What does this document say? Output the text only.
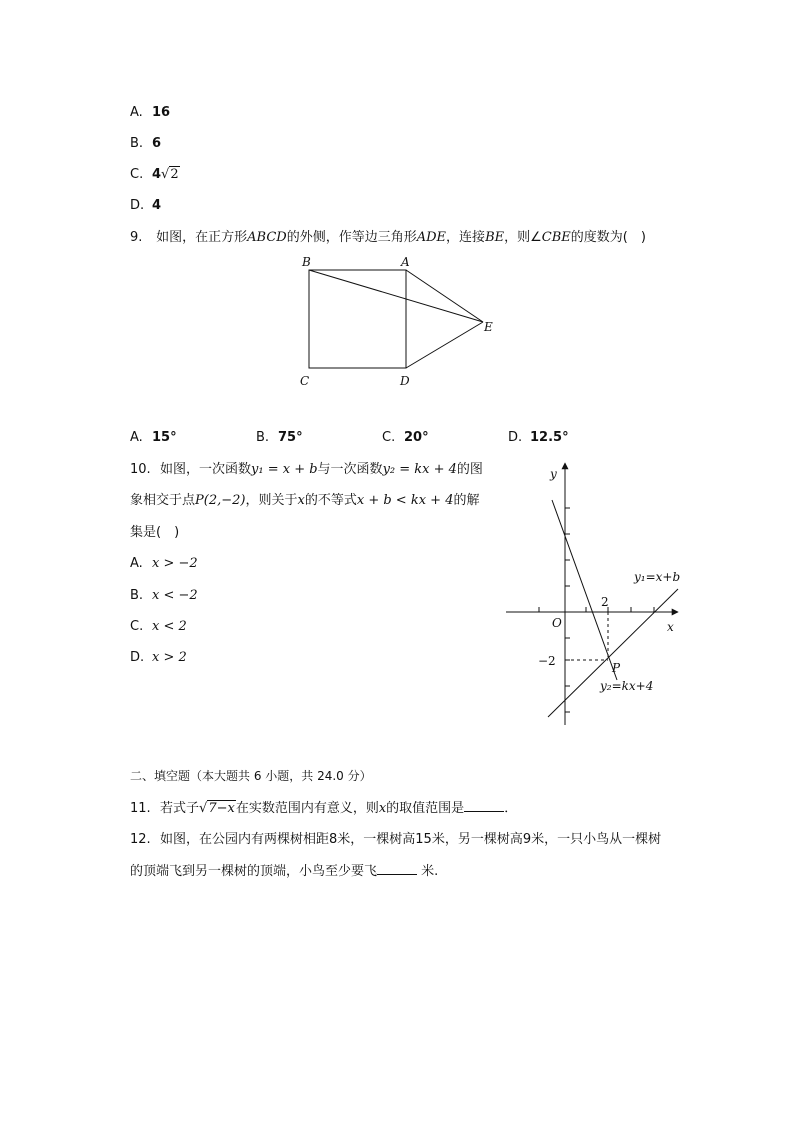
A. 16
B. 6
C. 4√2
D. 4
9. 如图，在正方形ABCD的外侧，作等边三角形ADE，连接BE，则∠CBE的度数为(　)
B	A
C	D
E
A. 15°	B. 75°	C. 20°	D. 12.5°
10. 如图，一次函数y₁ = x + b与一次函数y₂ = kx + 4的图
象相交于点P(2,−2)，则关于x的不等式x + b < kx + 4的解
集是(　)
A. x > −2
B. x < −2
C. x < 2
D. x > 2
y
x
O
2
−2	P
y₁=x+b
y₂=kx+4
二、填空题（本大题共 6 小题，共 24.0 分）
11. 若式子√7−x在实数范围内有意义，则x的取值范围是	．
12. 如图，在公园内有两棵树相距8米，一棵树高15米，另一棵树高9米，一只小鸟从一棵树
的顶端飞到另一棵树的顶端，小鸟至少要飞	米.
